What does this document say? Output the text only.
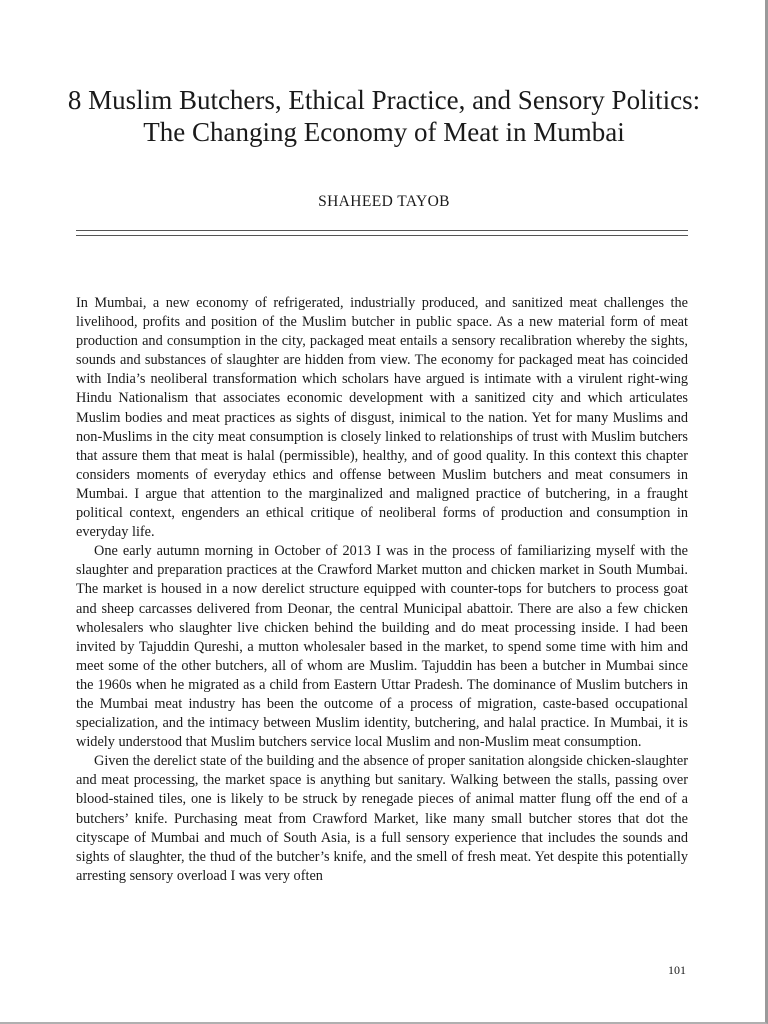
8 Muslim Butchers, Ethical Practice, and Sensory Politics: The Changing Economy of Meat in Mumbai
SHAHEED TAYOB

In Mumbai, a new economy of refrigerated, industrially produced, and sanitized meat challenges the livelihood, profits and position of the Muslim butcher in public space. As a new material form of meat production and consumption in the city, packaged meat entails a sensory recalibration whereby the sights, sounds and substances of slaughter are hidden from view. The economy for packaged meat has coincided with India’s neoliberal transformation which scholars have argued is intimate with a virulent right-wing Hindu Nationalism that associates economic development with a sanitized city and which articulates Muslim bodies and meat practices as sights of disgust, inimical to the nation. Yet for many Muslims and non-Muslims in the city meat consumption is closely linked to relationships of trust with Muslim butchers that assure them that meat is halal (permissible), healthy, and of good quality. In this context this chapter considers moments of everyday ethics and offense between Muslim butchers and meat consumers in Mumbai. I argue that attention to the marginalized and maligned practice of butchering, in a fraught political context, engenders an ethical critique of neoliberal forms of production and consumption in everyday life.

One early autumn morning in October of 2013 I was in the process of familiarizing myself with the slaughter and preparation practices at the Crawford Market mutton and chicken market in South Mumbai. The market is housed in a now derelict structure equipped with counter-tops for butchers to process goat and sheep carcasses delivered from Deonar, the central Municipal abattoir. There are also a few chicken wholesalers who slaughter live chicken behind the building and do meat processing inside. I had been invited by Tajuddin Qureshi, a mutton wholesaler based in the market, to spend some time with him and meet some of the other butchers, all of whom are Muslim. Tajuddin has been a butcher in Mumbai since the 1960s when he migrated as a child from Eastern Uttar Pradesh. The dominance of Muslim butchers in the Mumbai meat industry has been the outcome of a process of migration, caste-based occupational specialization, and the intimacy between Muslim identity, butchering, and halal practice. In Mumbai, it is widely understood that Muslim butchers service local Muslim and non-Muslim meat consumption.

Given the derelict state of the building and the absence of proper sanitation alongside chicken-slaughter and meat processing, the market space is anything but sanitary. Walking between the stalls, passing over blood-stained tiles, one is likely to be struck by renegade pieces of animal matter flung off the end of a butchers’ knife. Purchasing meat from Crawford Market, like many small butcher stores that dot the cityscape of Mumbai and much of South Asia, is a full sensory experience that includes the sounds and sights of slaughter, the thud of the butcher’s knife, and the smell of fresh meat. Yet despite this potentially arresting sensory overload I was very often

101
